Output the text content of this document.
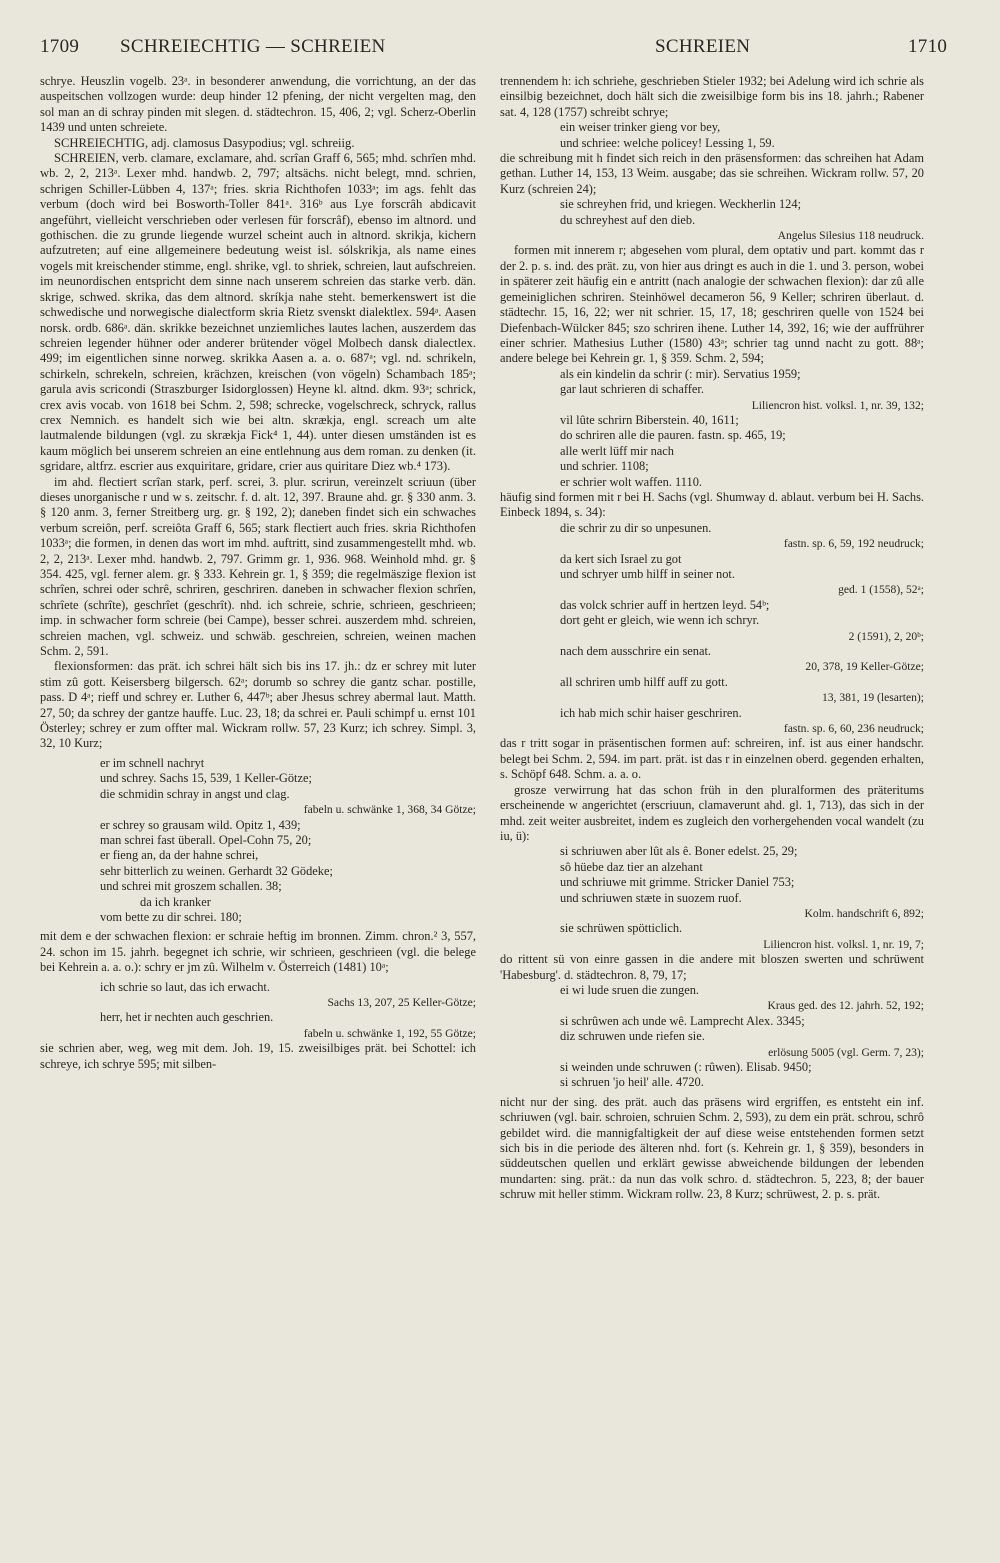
1709 SCHREIECHTIG — SCHREIEN	SCHREIEN	1710

schrye. Heuszlin vogelb. 23ᵃ. in besonderer anwendung, die vorrichtung, an der das auspeitschen vollzogen wurde: deup hinder 12 pfening, der nicht vergelten mag, den sol man an di schray pinden mit slegen. d. städtechron. 15, 406, 2; vgl. Scherz-Oberlin 1439 und unten schreiete.

SCHREIECHTIG, adj. clamosus Dasypodius; vgl. schreiig.

SCHREIEN, verb. clamare, exclamare, ahd. scrîan Graff 6, 565; mhd. schrîen mhd. wb. 2, 2, 213ᵃ. Lexer mhd. handwb. 2, 797; altsächs. nicht belegt, mnd. schrien, schrigen Schiller-Lübben 4, 137ᵃ; fries. skria Richthofen 1033ᵃ; im ags. fehlt das verbum (doch wird bei Bosworth-Toller 841ᵃ. 316ᵇ aus Lye forscrâh abdicavit angeführt, vielleicht verschrieben oder verlesen für forscrâf), ebenso im altnord. und gothischen. die zu grunde liegende wurzel scheint auch in altnord. skrikja, kichern aufzutreten; auf eine allgemeinere bedeutung weist isl. sólskrikja, als name eines vogels mit kreischender stimme, engl. shrike, vgl. to shriek, schreien, laut aufschreien. im neunordischen entspricht dem sinne nach unserem schreien das starke verb. dän. skrige, schwed. skrika, das dem altnord. skríkja nahe steht. bemerkenswert ist die schwedische und norwegische dialectform skria Rietz svenskt dialektlex. 594ᵃ. Aasen norsk. ordb. 686ᵃ. dän. skrikke bezeichnet unziemliches lautes lachen, auszerdem das schreien legender hühner oder anderer brütender vögel Molbech dansk dialectlex. 499; im eigentlichen sinne norweg. skrikka Aasen a. a. o. 687ᵃ; vgl. nd. schrikeln, schirkeln, schrekeln, schreien, krächzen, kreischen (von vögeln) Schambach 185ᵃ; garula avis scricondi (Straszburger Isidorglossen) Heyne kl. altnd. dkm. 93ᵃ; schrick, crex avis vocab. von 1618 bei Schm. 2, 598; schrecke, vogelschreck, schryck, rallus crex Nemnich. es handelt sich wie bei altn. skrækja, engl. screach um alte lautmalende bildungen (vgl. zu skrækja Fick⁴ 1, 44). unter diesen umständen ist es kaum möglich bei unserem schreien an eine entlehnung aus dem roman. zu denken (it. sgridare, altfrz. escrier aus exquiritare, gridare, crier aus quiritare Diez wb.⁴ 173).

im ahd. flectiert scrîan stark, perf. screi, 3. plur. scrirun, vereinzelt scriuun (über dieses unorganische r und w s. zeitschr. f. d. alt. 12, 397. Braune ahd. gr. § 330 anm. 3. § 120 anm. 3, ferner Streitberg urg. gr. § 192, 2); daneben findet sich ein schwaches verbum screiôn, perf. screiôta Graff 6, 565; stark flectiert auch fries. skria Richthofen 1033ᵃ; die formen, in denen das wort im mhd. auftritt, sind zusammengestellt mhd. wb. 2, 2, 213ᵃ. Lexer mhd. handwb. 2, 797. Grimm gr. 1, 936. 968. Weinhold mhd. gr. § 354. 425, vgl. ferner alem. gr. § 333. Kehrein gr. 1, § 359; die regelmäszige flexion ist schrîen, schrei oder schrê, schriren, geschriren. daneben in schwacher flexion schrîen, schrîete (schrîte), geschrîet (geschrît). nhd. ich schreie, schrie, schrieen, geschrieen; imp. in schwacher form schreie (bei Campe), besser schrei. auszerdem mhd. schreien, schreien machen, vgl. schweiz. und schwäb. geschreien, schreien, weinen machen Schm. 2, 591.

flexionsformen: das prät. ich schrei hält sich bis ins 17. jh.: dz er schrey mit luter stim zû gott. Keisersberg bilgersch. 62ᵃ; dorumb so schrey die gantz schar. postille, pass. D 4ᵃ; rieff und schrey er. Luther 6, 447ᵇ; aber Jhesus schrey abermal laut. Matth. 27, 50; da schrey der gantze hauffe. Luc. 23, 18; da schrei er. Pauli schimpf u. ernst 101 Österley; schrey er zum offter mal. Wickram rollw. 57, 23 Kurz; ich schrey. Simpl. 3, 32, 10 Kurz;

er im schnell nachryt

und schrey. Sachs 15, 539, 1 Keller-Götze;

die schmidin schray in angst und clag.

fabeln u. schwänke 1, 368, 34 Götze;

er schrey so grausam wild. Opitz 1, 439;

man schrei fast überall. Opel-Cohn 75, 20;

er fieng an, da der hahne schrei,

sehr bitterlich zu weinen. Gerhardt 32 Gödeke;

und schrei mit groszem schallen. 38;

da ich kranker

vom bette zu dir schrei. 180;

mit dem e der schwachen flexion: er schraie heftig im bronnen. Zimm. chron.² 3, 557, 24. schon im 15. jahrh. begegnet ich schrie, wir schrieen, geschrieen (vgl. die belege bei Kehrein a. a. o.): schry er jm zû. Wilhelm v. Österreich (1481) 10ᵃ;

ich schrie so laut, das ich erwacht.

Sachs 13, 207, 25 Keller-Götze;

herr, het ir nechten auch geschrien.

fabeln u. schwänke 1, 192, 55 Götze;

sie schrien aber, weg, weg mit dem. Joh. 19, 15. zweisilbiges prät. bei Schottel: ich schreye, ich schrye 595; mit silben-

trennendem h: ich schriehe, geschrieben Stieler 1932; bei Adelung wird ich schrie als einsilbig bezeichnet, doch hält sich die zweisilbige form bis ins 18. jahrh.; Rabener sat. 4, 128 (1757) schreibt schrye;

ein weiser trinker gieng vor bey,

und schriee: welche policey! Lessing 1, 59.

die schreibung mit h findet sich reich in den präsensformen: das schreihen hat Adam gethan. Luther 14, 153, 13 Weim. ausgabe; das sie schreihen. Wickram rollw. 57, 20 Kurz (schreien 24);

sie schreyhen frid, und kriegen. Weckherlin 124;

du schreyhest auf den dieb.

Angelus Silesius 118 neudruck.

formen mit innerem r; abgesehen vom plural, dem optativ und part. kommt das r der 2. p. s. ind. des prät. zu, von hier aus dringt es auch in die 1. und 3. person, wobei in späterer zeit häufig ein e antritt (nach analogie der schwachen flexion): dar zû alle gemeiniglichen schriren. Steinhöwel decameron 56, 9 Keller; schriren überlaut. d. städtechr. 15, 16, 22; wer nit schrier. 15, 17, 18; geschriren quelle von 1524 bei Diefenbach-Wülcker 845; szo schriren ihene. Luther 14, 392, 16; wie der auffrührer einer schrier. Mathesius Luther (1580) 43ᵃ; schrier tag unnd nacht zu gott. 88ᵃ; andere belege bei Kehrein gr. 1, § 359. Schm. 2, 594;

als ein kindelin da schrir (: mir). Servatius 1959;

gar laut schrieren di schaffer.

Liliencron hist. volksl. 1, nr. 39, 132;

vil lûte schrirn Biberstein. 40, 1611;

do schriren alle die pauren. fastn. sp. 465, 19;

alle werlt lüff mir nach

und schrier. 1108;

er schrier wolt waffen. 1110.

häufig sind formen mit r bei H. Sachs (vgl. Shumway d. ablaut. verbum bei H. Sachs. Einbeck 1894, s. 34):

die schrir zu dir so unpesunen.

fastn. sp. 6, 59, 192 neudruck;

da kert sich Israel zu got

und schryer umb hilff in seiner not.

ged. 1 (1558), 52ᵃ;

das volck schrier auff in hertzen leyd. 54ᵇ;

dort geht er gleich, wie wenn ich schryr.

2 (1591), 2, 20ᵇ;

nach dem ausschrire ein senat.

20, 378, 19 Keller-Götze;

all schriren umb hilff auff zu gott.

13, 381, 19 (lesarten);

ich hab mich schir haiser geschriren.

fastn. sp. 6, 60, 236 neudruck;

das r tritt sogar in präsentischen formen auf: schreiren, inf. ist aus einer handschr. belegt bei Schm. 2, 594. im part. prät. ist das r in einzelnen oberd. gegenden erhalten, s. Schöpf 648. Schm. a. a. o.

grosze verwirrung hat das schon früh in den pluralformen des präteritums erscheinende w angerichtet (erscriuun, clamaverunt ahd. gl. 1, 713), das sich in der mhd. zeit weiter ausbreitet, indem es zugleich den vorhergehenden vocal wandelt (zu iu, ü):

si schriuwen aber lût als ê. Boner edelst. 25, 29;

sô hüebe daz tier an alzehant

und schriuwe mit grimme. Stricker Daniel 753;

und schriuwen stæte in suozem ruof.

Kolm. handschrift 6, 892;

sie schrüwen spötticlich.

Liliencron hist. volksl. 1, nr. 19, 7;

do rittent sü von einre gassen in die andere mit bloszen swerten und schrüwent 'Habesburg'. d. städtechron. 8, 79, 17;

ei wi lude sruen die zungen.

Kraus ged. des 12. jahrh. 52, 192;

si schrûwen ach unde wê. Lamprecht Alex. 3345;

diz schruwen unde riefen sie.

erlösung 5005 (vgl. Germ. 7, 23);

si weinden unde schruwen (: rûwen). Elisab. 9450;

si schruen 'jo heil' alle. 4720.

nicht nur der sing. des prät. auch das präsens wird ergriffen, es entsteht ein inf. schriuwen (vgl. bair. schroien, schruien Schm. 2, 593), zu dem ein prät. schrou, schrô gebildet wird. die mannigfaltigkeit der auf diese weise entstehenden formen setzt sich bis in die periode des älteren nhd. fort (s. Kehrein gr. 1, § 359), besonders in süddeutschen quellen und erklärt gewisse abweichende bildungen der lebenden mundarten: sing. prät.: da nun das volk schro. d. städtechron. 5, 223, 8; der bauer schruw mit heller stimm. Wickram rollw. 23, 8 Kurz; schrüwest, 2. p. s. prät.
